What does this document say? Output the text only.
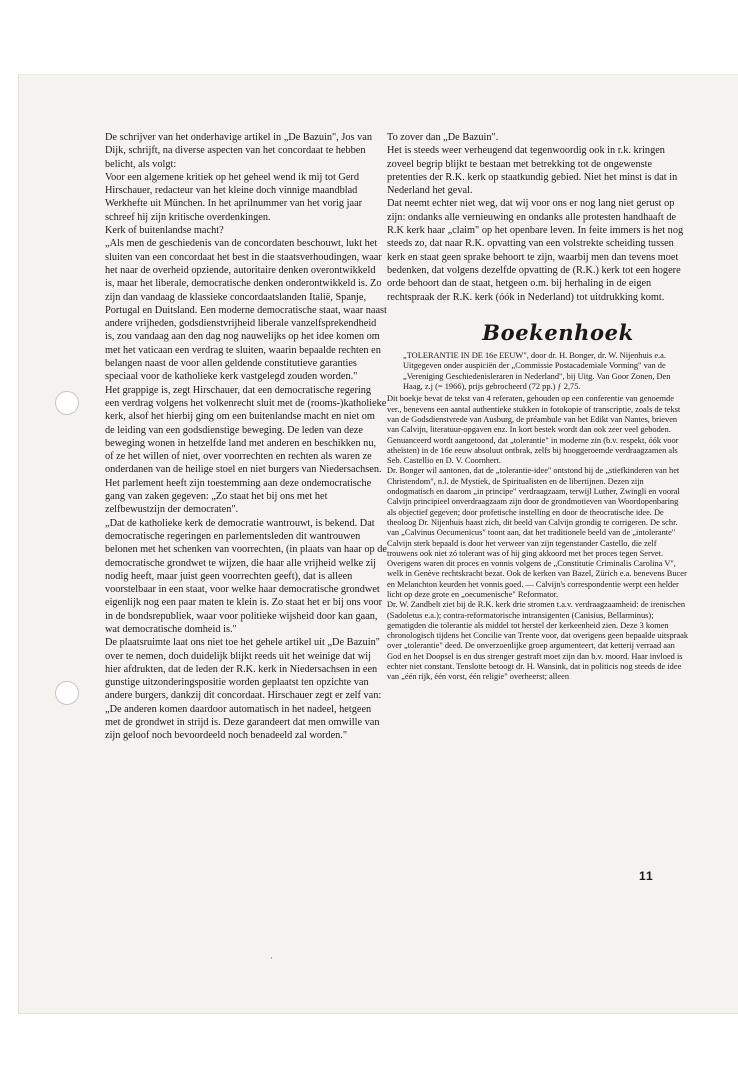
De schrijver van het onderhavige artikel in „De Bazuin", Jos van Dijk, schrijft, na diverse aspecten van het concordaat te hebben belicht, als volgt:

Voor een algemene kritiek op het geheel wend ik mij tot Gerd Hirschauer, redacteur van het kleine doch vinnige maandblad Werkhefte uit München. In het aprilnummer van het vorig jaar schreef hij zijn kritische overdenkingen.

Kerk of buitenlandse macht?

„Als men de geschiedenis van de concordaten beschouwt, lukt het sluiten van een concordaat het best in die staatsverhoudingen, waar het naar de overheid opziende, autoritaire denken overontwikkeld is, maar het liberale, democratische denken onderontwikkeld is. Zo zijn dan vandaag de klassieke concordaatslanden Italië, Spanje, Portugal en Duitsland. Een moderne democratische staat, waar naast andere vrijheden, godsdienstvrijheid liberale vanzelfsprekendheid is, zou vandaag aan den dag nog nauwelijks op het idee komen om met het vaticaan een verdrag te sluiten, waarin bepaalde rechten en belangen naast de voor allen geldende constitutieve garanties speciaal voor de katholieke kerk vastgelegd zouden worden."

Het grappige is, zegt Hirschauer, dat een democratische regering een verdrag volgens het volkenrecht sluit met de (rooms-)katholieke kerk, alsof het hierbij ging om een buitenlandse macht en niet om de leiding van een godsdienstige beweging. De leden van deze beweging wonen in hetzelfde land met anderen en beschikken nu, of ze het willen of niet, over voorrechten en rechten als waren ze onderdanen van de heilige stoel en niet burgers van Niedersachsen. Het parlement heeft zijn toestemming aan deze ondemocratische gang van zaken gegeven: „Zo staat het bij ons met het zelfbewustzijn der democraten".

„Dat de katholieke kerk de democratie wantrouwt, is bekend. Dat democratische regeringen en parlementsleden dit wantrouwen belonen met het schenken van voorrechten, (in plaats van haar op de democratische grondwet te wijzen, die haar alle vrijheid welke zij nodig heeft, maar juist geen voorrechten geeft), dat is alleen voorstelbaar in een staat, voor welke haar democratische grondwet eigenlijk nog een paar maten te klein is. Zo staat het er bij ons voor in de bondsrepubliek, waar voor politieke wijsheid door kan gaan, wat democratische domheid is."

De plaatsruimte laat ons niet toe het gehele artikel uit „De Bazuin" over te nemen, doch duidelijk blijkt reeds uit het weinige dat wij hier afdrukten, dat de leden der R.K. kerk in Niedersachsen in een gunstige uitzonderingspositie worden geplaatst ten opzichte van andere burgers, dankzij dit concordaat. Hirschauer zegt er zelf van: „De anderen komen daardoor automatisch in het nadeel, hetgeen met de grondwet in strijd is. Deze garandeert dat men omwille van zijn geloof noch bevoordeeld noch benadeeld zal worden."

To zover dan „De Bazuin".

Het is steeds weer verheugend dat tegenwoordig ook in r.k. kringen zoveel begrip blijkt te bestaan met betrekking tot de ongewenste pretenties der R.K. kerk op staatkundig gebied. Niet het minst is dat in Nederland het geval.

Dat neemt echter niet weg, dat wij voor ons er nog lang niet gerust op zijn: ondanks alle vernieuwing en ondanks alle protesten handhaaft de R.K kerk haar „claim" op het openbare leven. In feite immers is het nog steeds zo, dat naar R.K. opvatting van een volstrekte scheiding tussen kerk en staat geen sprake behoort te zijn, waarbij men dan tevens moet bedenken, dat volgens dezelfde opvatting de (R.K.) kerk tot een hogere orde behoort dan de staat, hetgeen o.m. bij herhaling in de eigen rechtspraak der R.K. kerk (óók in Nederland) tot uitdrukking komt.

Boekenhoek

„TOLERANTIE IN DE 16e EEUW", door dr. H. Bonger, dr. W. Nijenhuis e.a. Uitgegeven onder auspiciën der „Commissie Postacademiale Vorming" van de „Vereniging Geschiedenisleraren in Nederland", bij Uitg. Van Goor Zonen, Den Haag, z.j (= 1966), prijs gebrocheerd (72 pp.) ƒ 2,75.

Dit boekje bevat de tekst van 4 referaten, gehouden op een conferentie van genoemde ver., benevens een aantal authentieke stukken in fotokopie of transcriptie, zoals de tekst van de Godsdienstvrede van Ausburg, de préambule van het Edikt van Nantes, brieven van Calvijn, literatuur-opgaven enz. In kort bestek wordt dan ook zeer veel geboden.

Genuanceerd wordt aangetoond, dat „tolerantie" in moderne zin (b.v. respekt, óók voor atheïsten) in de 16e eeuw absoluut ontbrak, zelfs bij hooggeroemde verdraagzamen als Seb. Castellio en D. V. Coornhert.

Dr. Bonger wil aantonen, dat de „tolerantie-idee" ontstond bij de „stiefkinderen van het Christendom", n.l. de Mystiek, de Spiritualisten en de libertijnen. Dezen zijn ondogmatisch en daarom „in principe" verdraagzaam, terwijl Luther, Zwingli en vooral Calvijn principieel onverdraagzaam zijn door de grondmotieven van Woordopenbaring als objectief gegeven; door profetische instelling en door de theocratische idee. De theoloog Dr. Nijenhuis haast zich, dit beeld van Calvijn grondig te corrigeren. De schr. van „Calvinus Oecumenicus" toont aan, dat het traditionele beeld van de „intolerante" Calvijn sterk bepaald is door het verweer van zijn tegenstander Castello, die zelf trouwens ook niet zó tolerant was of hij ging akkoord met het proces tegen Servet. Overigens waren dit proces en vonnis volgens de „Constitutie Criminalis Carolina V", welk in Genève rechtskracht bezat. Ook de kerken van Bazel, Zürich e.a. benevens Bucer en Melanchton keurden het vonnis goed. — Calvijn's correspondentie werpt een helder licht op deze grote en „oecumenische" Reformator.

Dr. W. Zandbelt ziet bij de R.K. kerk drie stromen t.a.v. verdraagzaamheid: de irenischen (Sadoletus e.a.); contra-reformatorische intransigenten (Canisius, Bellarminus); gematigden die tolerantie als middel tot herstel der kerkeenheid zien. Deze 3 komen chronologisch tijdens het Concilie van Trente voor, dat overigens geen bepaalde uitspraak over „tolerantie" deed. De onverzoenlijke groep argumenteert, dat ketterij verraad aan God en het Doopsel is en dus strenger gestraft moet zijn dan b.v. moord. Haar invloed is echter niet constant. Tenslotte betoogt dr. H. Wansink, dat in politicis nog steeds de idee van „één rijk, één vorst, één religie" overheerst; alleen

·
11
